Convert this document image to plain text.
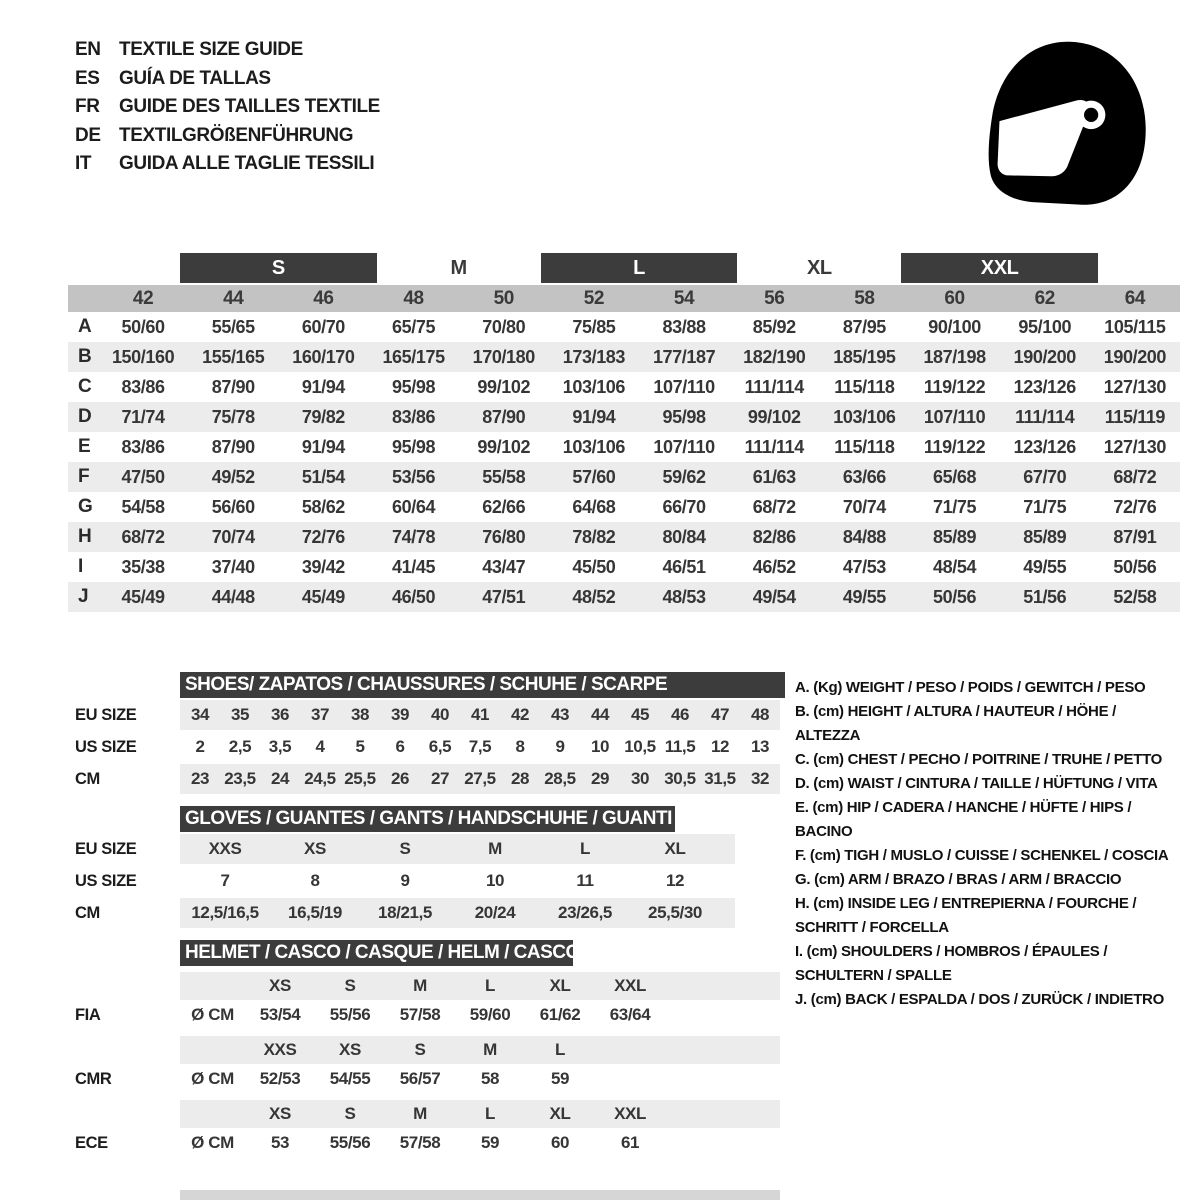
EN TEXTILE SIZE GUIDE
ES	GUÍA DE TALLAS
FR	GUIDE DES TAILLES TEXTILE
DE TEXTILGRÖßENFÜHRUNG
IT	GUIDA ALLE TAGLIE TESSILI
S	M	L	XL	XXL
42	44	46	48	50	52	54	56	58	60	62	64
A	50/60	55/65	60/70	65/75	70/80	75/85	83/88	85/92	87/95	90/100	95/100	105/115
B	150/160	155/165	160/170	165/175	170/180	173/183	177/187	182/190	185/195	187/198	190/200	190/200
C	83/86	87/90	91/94	95/98	99/102	103/106	107/110	111/114	115/118	119/122	123/126	127/130
D	71/74	75/78	79/82	83/86	87/90	91/94	95/98	99/102	103/106	107/110	111/114	115/119
E	83/86	87/90	91/94	95/98	99/102	103/106	107/110	111/114	115/118	119/122	123/126	127/130
F	47/50	49/52	51/54	53/56	55/58	57/60	59/62	61/63	63/66	65/68	67/70	68/72
G	54/58	56/60	58/62	60/64	62/66	64/68	66/70	68/72	70/74	71/75	71/75	72/76
H	68/72	70/74	72/76	74/78	76/80	78/82	80/84	82/86	84/88	85/89	85/89	87/91
I	35/38	37/40	39/42	41/45	43/47	45/50	46/51	46/52	47/53	48/54	49/55	50/56
J	45/49	44/48	45/49	46/50	47/51	48/52	48/53	49/54	49/55	50/56	51/56	52/58
SHOES/ ZAPATOS / CHAUSSURES / SCHUHE / SCARPE
EU SIZE	34	35	36	37	38	39	40	41	42	43	44	45	46	47	48
US SIZE	2	2,5	3,5	4	5	6	6,5	7,5	8	9	10 10,5 11,5 12	13
CM	23 23,5 24 24,5 25,5 26	27 27,5 28 28,5 29	30 30,5 31,5 32
GLOVES / GUANTES / GANTS / HANDSCHUHE / GUANTI
EU SIZE	XXS	XS	S	M	L	XL
US SIZE	7	8	9	10	11	12
CM	12,5/16,5	16,5/19	18/21,5	20/24	23/26,5	25,5/30
HELMET / CASCO / CASQUE / HELM / CASCO
XS	S	M	L	XL	XXL
FIA	Ø CM	53/54	55/56	57/58	59/60	61/62	63/64
XXS	XS	S	M	L
CMR	Ø CM	52/53	54/55	56/57	58	59
XS	S	M	L	XL	XXL
ECE	Ø CM	53	55/56	57/58	59	60	61
A. (Kg) WEIGHT / PESO / POIDS / GEWITCH / PESO
B. (cm) HEIGHT / ALTURA / HAUTEUR / HÖHE / ALTEZZA
C. (cm) CHEST / PECHO / POITRINE / TRUHE / PETTO
D. (cm) WAIST / CINTURA / TAILLE / HÜFTUNG / VITA
E. (cm) HIP / CADERA / HANCHE / HÜFTE / HIPS / BACINO
F. (cm) TIGH / MUSLO / CUISSE / SCHENKEL / COSCIA
G. (cm) ARM / BRAZO / BRAS / ARM / BRACCIO
H. (cm) INSIDE LEG / ENTREPIERNA / FOURCHE / SCHRITT / FORCELLA
I. (cm) SHOULDERS / HOMBROS / ÉPAULES / SCHULTERN / SPALLE
J. (cm) BACK / ESPALDA / DOS / ZURÜCK / INDIETRO
